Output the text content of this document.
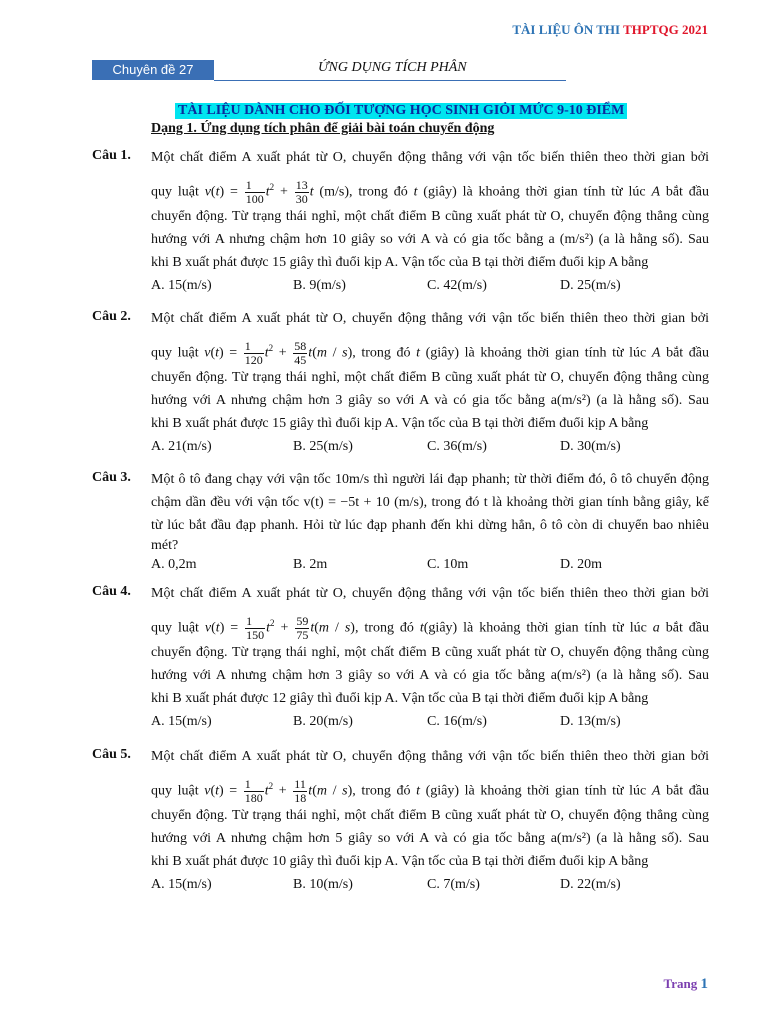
TÀI LIỆU ÔN THI THPTQG 2021
Chuyên đề 27	ỨNG DỤNG TÍCH PHÂN
TÀI LIỆU DÀNH CHO ĐỐI TƯỢNG HỌC SINH GIỎI MỨC 9-10 ĐIỂM
Dạng 1. Ứng dụng tích phân để giải bài toán chuyển động
Câu 1. Một chất điểm A xuất phát từ O, chuyển động thẳng với vận tốc biến thiên theo thời gian bởi
quy luật $v(t) = \frac{1}{100} t^2 + \frac{13}{30}$ t (m/s), trong đó t (giây) là khoảng thời gian tính từ lúc A bắt đầu
chuyển động. Từ trạng thái nghỉ, một chất điểm B cũng xuất phát từ O, chuyển động thẳng cùng
hướng với A nhưng chậm hơn 10 giây so với A và có gia tốc bằng a (m/s²) (a là hằng số). Sau
khi B xuất phát được 15 giây thì đuổi kịp A. Vận tốc của B tại thời điểm đuổi kịp A bằng
A. 15(m/s)	B. 9(m/s)	C. 42(m/s)	D. 25(m/s)
Câu 2. Một chất điểm A xuất phát từ O, chuyển động thẳng với vận tốc biến thiên theo thời gian bởi
quy luật $v(t) = \frac{1}{120} t^2 + \frac{58}{45} t(m / s)$, trong đó t (giây) là khoảng thời gian tính từ lúc A bắt đầu
chuyển động. Từ trạng thái nghỉ, một chất điểm B cũng xuất phát từ O, chuyển động thẳng cùng
hướng với A nhưng chậm hơn 3 giây so với A và có gia tốc bằng a(m/s²) (a là hằng số). Sau
khi B xuất phát được 15 giây thì đuổi kịp A. Vận tốc của B tại thời điểm đuổi kịp A bằng
A. 21(m/s)	B. 25(m/s)	C. 36(m/s)	D. 30(m/s)
Câu 3. Một ô tô đang chạy với vận tốc 10m/s thì người lái đạp phanh; từ thời điểm đó, ô tô chuyển động
chậm dần đều với vận tốc v(t) = −5t + 10 (m/s), trong đó t là khoảng thời gian tính bằng giây, kể
từ lúc bắt đầu đạp phanh. Hỏi từ lúc đạp phanh đến khi dừng hẳn, ô tô còn di chuyển bao nhiêu
mét?
A. 0,2m	B. 2m	C. 10m	D. 20m
Câu 4. Một chất điểm A xuất phát từ O, chuyển động thẳng với vận tốc biến thiên theo thời gian bởi
quy luật $v(t) = \frac{1}{150} t^2 + \frac{59}{75} t(m / s)$, trong đó t(giây) là khoảng thời gian tính từ lúc a bắt đầu
chuyển động. Từ trạng thái nghỉ, một chất điểm B cũng xuất phát từ O, chuyển động thẳng cùng
hướng với A nhưng chậm hơn 3 giây so với A và có gia tốc bằng a(m/s²) (a là hằng số). Sau
khi B xuất phát được 12 giây thì đuổi kịp A. Vận tốc của B tại thời điểm đuổi kịp A bằng
A. 15(m/s)	B. 20(m/s)	C. 16(m/s)	D. 13(m/s)
Câu 5. Một chất điểm A xuất phát từ O, chuyển động thẳng với vận tốc biến thiên theo thời gian bởi
quy luật $v(t) = \frac{1}{180} t^2 + \frac{11}{18} t(m / s)$, trong đó t (giây) là khoảng thời gian tính từ lúc A bắt đầu
chuyển động. Từ trạng thái nghỉ, một chất điểm B cũng xuất phát từ O, chuyển động thẳng cùng
hướng với A nhưng chậm hơn 5 giây so với A và có gia tốc bằng a(m/s²) (a là hằng số). Sau
khi B xuất phát được 10 giây thì đuổi kịp A. Vận tốc của B tại thời điểm đuổi kịp A bằng
A. 15(m/s)	B. 10(m/s)	C. 7(m/s)	D. 22(m/s)
Trang 1
